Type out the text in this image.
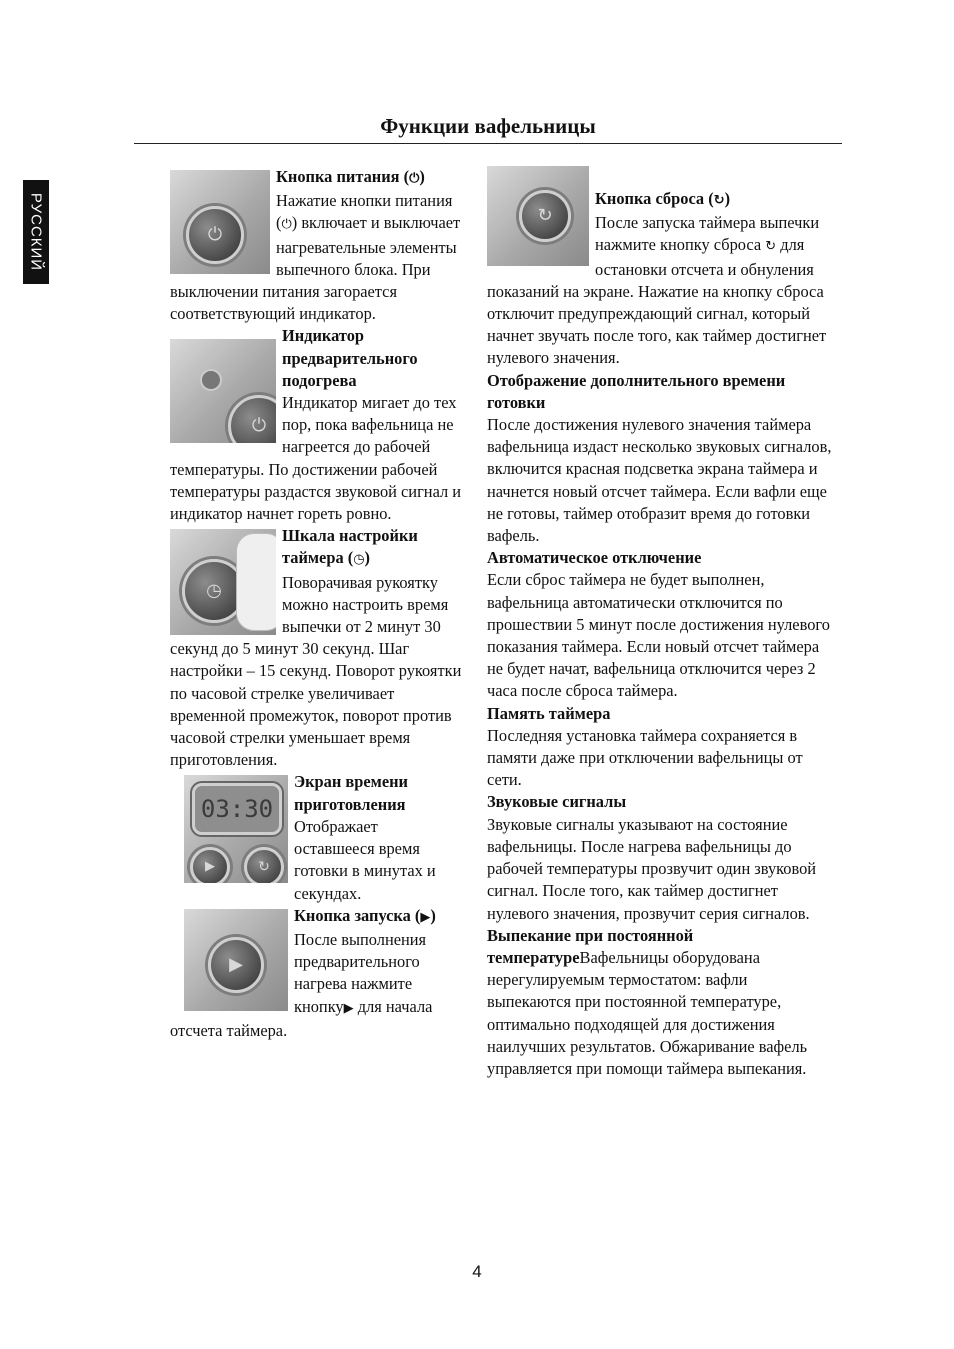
Функции вафельницы
РУССКИЙ	⏻

Кнопка питания (⏻)
Нажатие кнопки питания (⏻) включает и выключает нагревательные элементы выпечного блока. При выключении питания загорается соответствующий индикатор.

⏻

Индикатор предварительного подогрева
Индикатор мигает до тех пор, пока вафельница не нагреется до рабочей температуры. По достижении рабочей температуры раздастся звуковой сигнал и индикатор начнет гореть ровно.

◷

Шкала настройки таймера (◷)
Поворачивая рукоятку можно настроить время выпечки от 2 минут 30 секунд до 5 минут 30 секунд. Шаг настройки – 15 секунд. Поворот рукоятки по часовой стрелке увеличивает временной промежуток, поворот против часовой стрелки уменьшает время приготовления.

03:30
▶	↻

Экран времени приготовления
Отображает оставшееся время готовки в минутах и секундах.

▶

Кнопка запуска (▶)
После выполнения предварительного нагрева нажмите кнопку▶ для начала отсчета таймера.

↻

Кнопка сброса (↻)
После запуска таймера выпечки нажмите кнопку сброса ↻ для остановки отсчета и обнуления показаний на экране. Нажатие на кнопку сброса отключит предупреждающий сигнал, который начнет звучать после того, как таймер достигнет нулевого значения.

Отображение дополнительного времени готовки
После достижения нулевого значения таймера вафельница издаст несколько звуковых сигналов, включится красная подсветка экрана таймера и начнется новый отсчет таймера. Если вафли еще не готовы, таймер отобразит время до готовки вафель.

Автоматическое отключение
Если сброс таймера не будет выполнен, вафельница автоматически отключится по прошествии 5 минут после достижения нулевого показания таймера. Если новый отсчет таймера не будет начат, вафельница отключится через 2 часа после сброса таймера.

Память таймера
Последняя установка таймера сохраняется в памяти даже при отключении вафельницы от сети.

Звуковые сигналы
Звуковые сигналы указывают на состояние вафельницы. После нагрева вафельницы до рабочей температуры прозвучит один звуковой сигнал. После того, как таймер достигнет нулевого значения, прозвучит серия сигналов.

Выпекание при постоянной температуреВафельницы оборудована нерегулируемым термостатом: вафли выпекаются при постоянной температуре, оптимально подходящей для достижения наилучших результатов. Обжаривание вафель управляется при помощи таймера выпекания.

4
